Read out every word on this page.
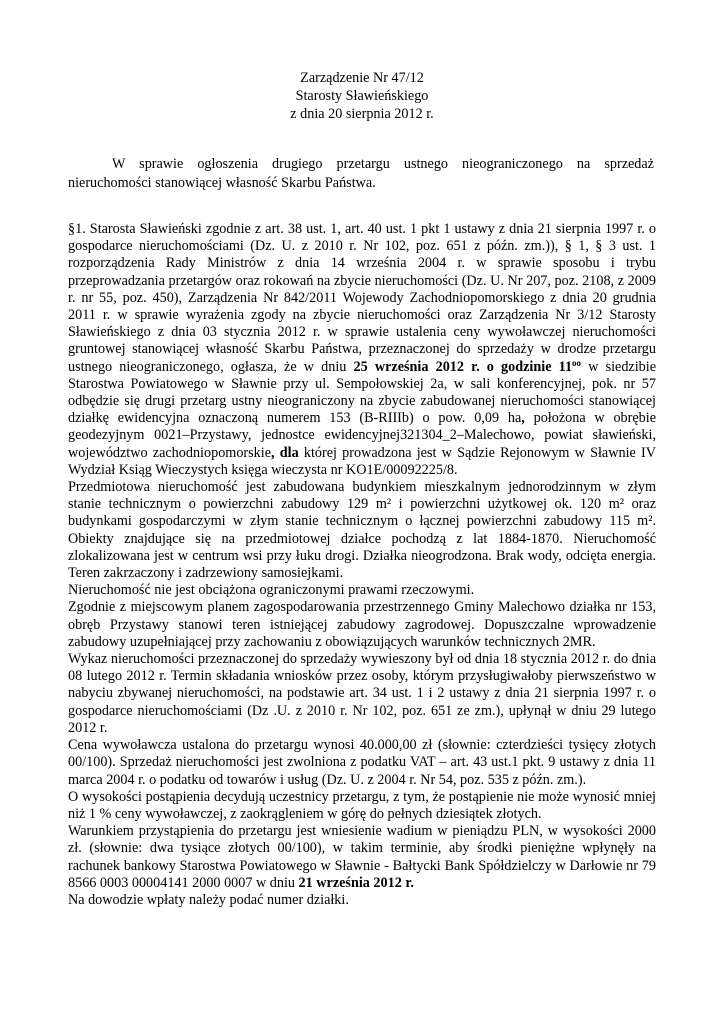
Zarządzenie Nr 47/12
Starosty Sławieńskiego
z dnia 20 sierpnia 2012 r.
W sprawie ogłoszenia drugiego przetargu ustnego nieograniczonego na sprzedaż nieruchomości stanowiącej własność Skarbu Państwa.

§1. Starosta Sławieński zgodnie z art. 38 ust. 1, art. 40 ust. 1 pkt 1 ustawy z dnia 21 sierpnia 1997 r. o gospodarce nieruchomościami (Dz. U. z 2010 r. Nr 102, poz. 651 z późn. zm.)), § 1, § 3 ust. 1 rozporządzenia Rady Ministrów z dnia 14 września 2004 r. w sprawie sposobu i trybu przeprowadzania przetargów oraz rokowań na zbycie nieruchomości (Dz. U. Nr 207, poz. 2108, z 2009 r. nr 55, poz. 450), Zarządzenia Nr 842/2011 Wojewody Zachodniopomorskiego z dnia 20 grudnia 2011 r. w sprawie wyrażenia zgody na zbycie nieruchomości oraz Zarządzenia Nr 3/12 Starosty Sławieńskiego z dnia 03 stycznia 2012 r. w sprawie ustalenia ceny wywoławczej nieruchomości gruntowej stanowiącej własność Skarbu Państwa, przeznaczonej do sprzedaży w drodze przetargu ustnego nieograniczonego, ogłasza, że w dniu 25 września 2012 r. o godzinie $11^{oo}$ w siedzibie Starostwa Powiatowego w Sławnie przy ul. Sempołowskiej 2a, w sali konferencyjnej, pok. nr 57 odbędzie się drugi przetarg ustny nieograniczony na zbycie zabudowanej nieruchomości stanowiącej działkę ewidencyjna oznaczoną numerem 153 (B-RIIIb) o pow. 0,09 ha, położona w obrębie geodezyjnym 0021–Przystawy, jednostce ewidencyjnej321304_2–Malechowo, powiat sławieński, województwo zachodniopomorskie, dla której prowadzona jest w Sądzie Rejonowym w Sławnie IV Wydział Ksiąg Wieczystych księga wieczysta nr KO1E/00092225/8.

Przedmiotowa nieruchomość jest zabudowana budynkiem mieszkalnym jednorodzinnym w złym stanie technicznym o powierzchni zabudowy 129 m² i powierzchni użytkowej ok. 120 m² oraz budynkami gospodarczymi w złym stanie technicznym o łącznej powierzchni zabudowy 115 m². Obiekty znajdujące się na przedmiotowej działce pochodzą z lat 1884-1870. Nieruchomość zlokalizowana jest w centrum wsi przy łuku drogi. Działka nieogrodzona. Brak wody, odcięta energia. Teren zakrzaczony i zadrzewiony samosiejkami.

Nieruchomość nie jest obciążona ograniczonymi prawami rzeczowymi.

Zgodnie z miejscowym planem zagospodarowania przestrzennego Gminy Malechowo działka nr 153, obręb Przystawy stanowi teren istniejącej zabudowy zagrodowej. Dopuszczalne wprowadzenie zabudowy uzupełniającej przy zachowaniu z obowiązujących warunków technicznych 2MR.

Wykaz nieruchomości przeznaczonej do sprzedaży wywieszony był od dnia 18 stycznia 2012 r. do dnia 08 lutego 2012 r. Termin składania wniosków przez osoby, którym przysługiwałoby pierwszeństwo w nabyciu zbywanej nieruchomości, na podstawie art. 34 ust. 1 i 2 ustawy z dnia 21 sierpnia 1997 r. o gospodarce nieruchomościami (Dz .U. z 2010 r. Nr 102, poz. 651 ze zm.), upłynął w dniu 29 lutego 2012 r.

Cena wywoławcza ustalona do przetargu wynosi 40.000,00 zł (słownie: czterdzieści tysięcy złotych 00/100). Sprzedaż nieruchomości jest zwolniona z podatku VAT – art. 43 ust.1 pkt. 9 ustawy z dnia 11 marca 2004 r. o podatku od towarów i usług (Dz. U. z 2004 r. Nr 54, poz. 535 z późn. zm.).

O wysokości postąpienia decydują uczestnicy przetargu, z tym, że postąpienie nie może wynosić mniej niż 1 % ceny wywoławczej, z zaokrągleniem w górę do pełnych dziesiątek złotych.

Warunkiem przystąpienia do przetargu jest wniesienie wadium w pieniądzu PLN, w wysokości 2000 zł. (słownie: dwa tysiące złotych 00/100), w takim terminie, aby środki pieniężne wpłynęły na rachunek bankowy Starostwa Powiatowego w Sławnie - Bałtycki Bank Spółdzielczy w Darłowie nr 79 8566 0003 00004141 2000 0007 w dniu 21 września 2012 r.

Na dowodzie wpłaty należy podać numer działki.
